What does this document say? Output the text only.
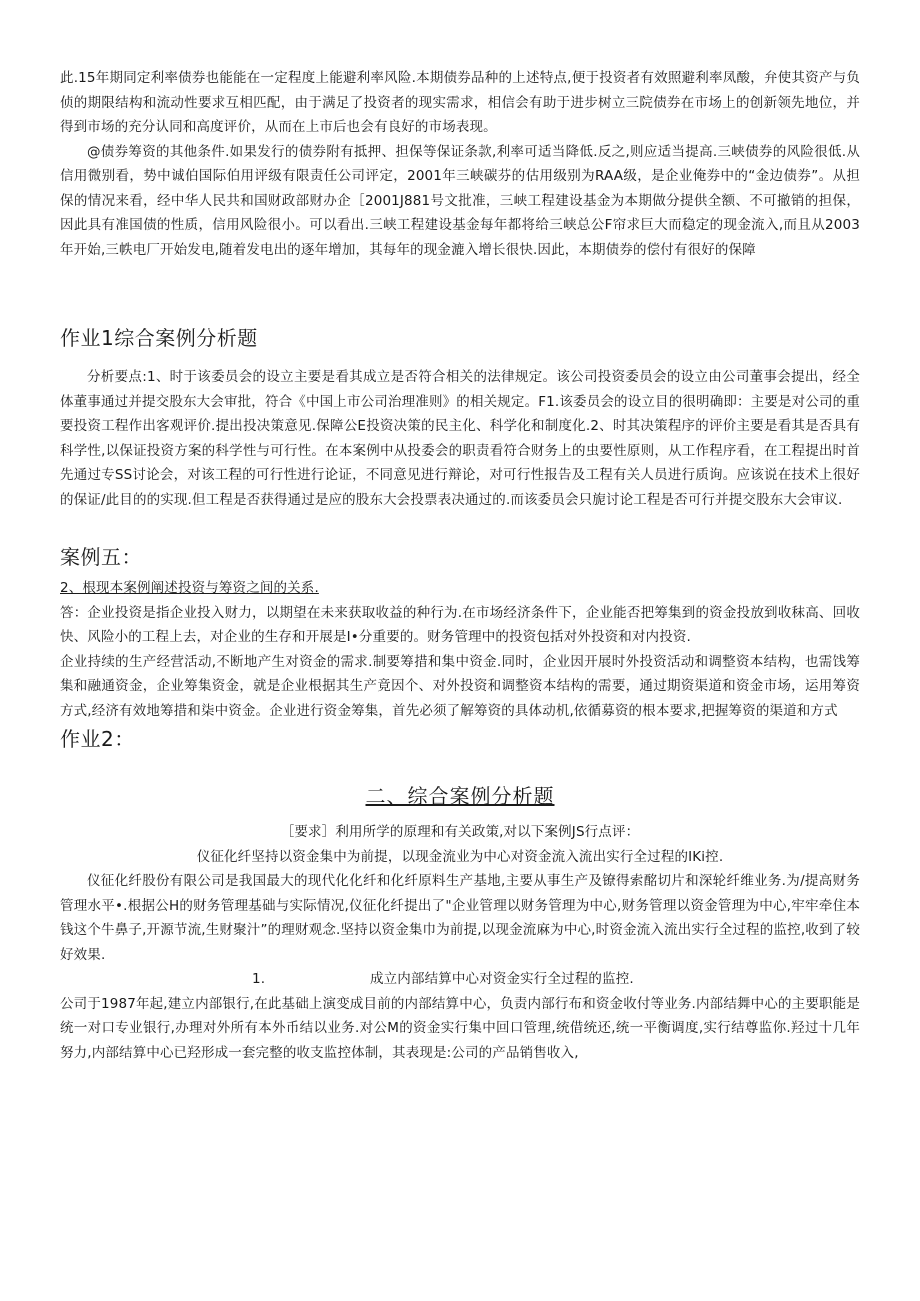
此.15年期同定利率债券也能能在一定程度上能避利率风险.本期债券品种的上述特点,便于投资者有效照避利率凤酸，弁使其资产与负侦的期限结构和流动性要求互相匹配，由于满足了投资者的现实需求，相信会有助于进步树立三院债券在市场上的创新领先地位，并得到市场的充分认同和高度评价，从而在上市后也会有良好的市场表现。

@债券筹资的其他条件.如果发行的债券附有抵押、担保等保证条款,利率可适当降低.反之,则应适当提高.三峡债券的风险很低.从信用微别看，势中诚伯国际伯用评级有限责任公司评定，2001年三峡碳芬的估用级别为RAA级，是企业俺券中的“金边债券”。从担保的情况来看，经中华人民共和国财政部财办企［2001J881号文批准，三峡工程建设基金为本期做分提供全额、不可撤销的担保，因此具有准国债的性质，信用风险很小。可以看出.三峡工程建设基金每年都将给三峡总公F帘求巨大而稳定的现金流入,而且从2003年开始,三帙电厂开始发电,随着发电出的逐年增加，其每年的现金漉入增长很快.因此，本期债券的偿付有很好的保障

作业1综合案例分析题

分析要点:1、时于该委员会的设立主要是看其成立是否符合相关的法律规定。该公司投资委员会的设立由公司董事会提出，经全体董事通过并提交股东大会审批，符合《中国上市公司治理准则》的相关规定。F1.该委员会的设立目的很明确即：主要是对公司的重要投资工程作出客观评价.提出投决策意见.保障公E投资决策的民主化、科学化和制度化.2、时其决策程序的评价主要是看其是否具有科学性,以保证投资方案的科学性与可行性。在本案例中从投委会的职责看符合财务上的虫要性原则，从工作程序看，在工程提出时首先通过专SS讨论会，对该工程的可行性进行论证，不同意见进行辩论，对可行性报告及工程有关人员进行质询。应该说在技术上很好的保证/此目的的实现.但工程是否获得通过是应的股东大会投票表决通过的.而该委员会只旎讨论工程是否可行并提交股东大会审议.

案例五：

2、根现本案例阐述投资与筹资之间的关系.

答：企业投资是指企业投入财力，以期望在未来获取收益的种行为.在市场经济条件下，企业能否把筹集到的资金投放到收秣高、回收快、风险小的工程上去，对企业的生存和开展是I•分重要的。财务管理中的投资包括对外投资和对内投资.

企业持续的生产经营活动,不断地产生对资金的需求.制要筹措和集中资金.同时，企业因开展时外投资活动和调整资本结构，也需饯筹集和融通资金，企业筹集资金，就是企业根据其生产竟因个、对外投资和调整资本结构的需要，通过期资渠道和资金市场，运用筹资方式,经济有效地筹措和柒中资金。企业进行资金筹集，首先必须了解筹资的具体动机,依循募资的根本要求,把握筹资的渠道和方式

作业2：
二、综合案例分析题

［要求］利用所学的原理和有关政策,对以下案例JS行点评：

仪征化纤坚持以资金集中为前提，以现金流业为中心对资金流入流出实行全过程的IKi控.

仪征化纤股份有限公司是我国最大的现代化化纤和化纤原料生产基地,主要从事生产及镣得索酩切片和深轮纤维业务.为/提高财务管理水平•.根据公H的财务管理基础与实际情况,仪征化纤提出了"企业管理以财务管理为中心,财务管理以资金管理为中心,牢牢牵住本钱这个牛鼻子,开源节流,生财聚汁”的理财观念.坚持以资金集巾为前提,以现金流麻为中心,时资金流入流出实行全过程的监控,收到了较好效果.

1.	成立内部结算中心对资金实行全过程的监控.

公司于1987年起,建立内部银行,在此基础上演变成目前的内部结算中心，负责内部行布和资金收付等业务.内部结舞中心的主要职能是统一对口专业银行,办理对外所有本外币结以业务.对公M的资金实行集中回口管理,统借统还,统一平衡调度,实行结尊监你.羟过十几年努力,内部结算中心已羟形成一套完整的收支监控体制，其表现是:公司的产品销售收入,
